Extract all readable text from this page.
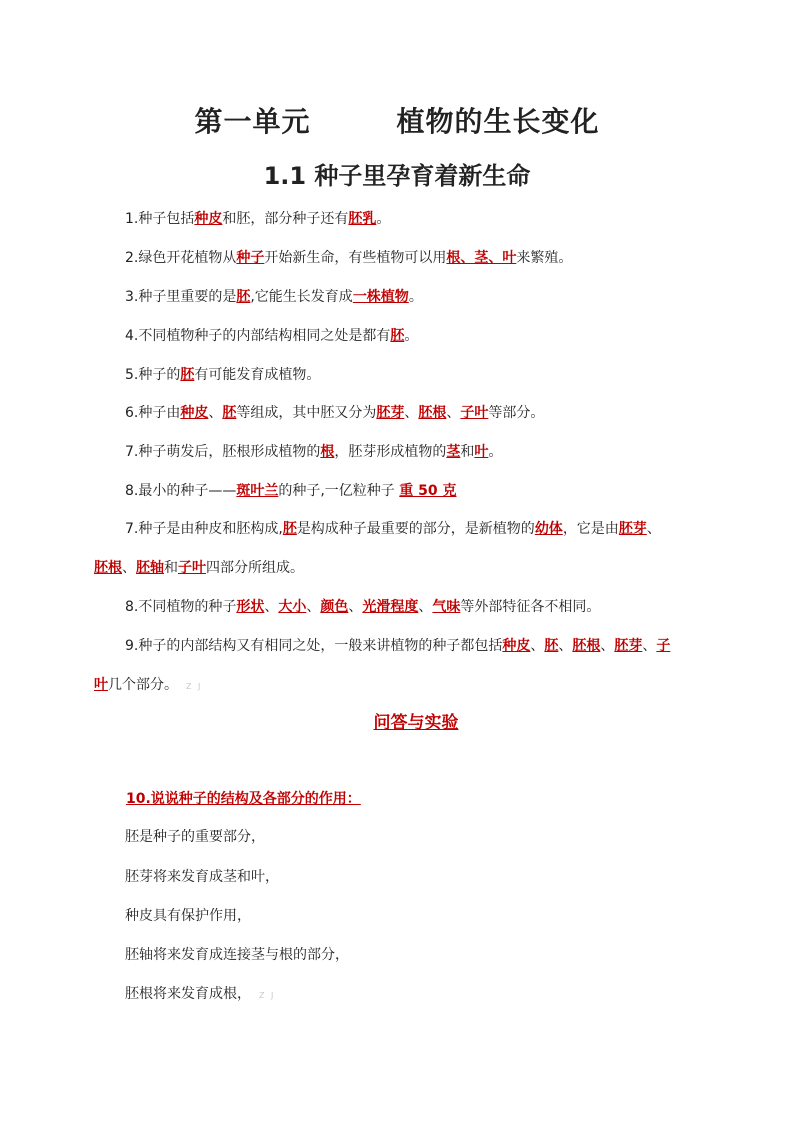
第一单元        植物的生长变化
1.1 种子里孕育着新生命
1.种子包括种皮和胚，部分种子还有胚乳。
2.绿色开花植物从种子开始新生命，有些植物可以用根、茎、叶来繁殖。
3.种子里重要的是胚,它能生长发育成一株植物。
4.不同植物种子的内部结构相同之处是都有胚。
5.种子的胚有可能发育成植物。
6.种子由种皮、胚等组成，其中胚又分为胚芽、胚根、子叶等部分。
7.种子萌发后，胚根形成植物的根，胚芽形成植物的茎和叶。
8.最小的种子——斑叶兰的种子,一亿粒种子 重 50 克
7.种子是由种皮和胚构成,胚是构成种子最重要的部分，是新植物的幼体，它是由胚芽、
胚根、胚轴和子叶四部分所组成。
8.不同植物的种子形状、大小、颜色、光滑程度、气味等外部特征各不相同。
9.种子的内部结构又有相同之处，一般来讲植物的种子都包括种皮、胚、胚根、胚芽、子
叶几个部分。 Z J
问答与实验
10.说说种子的结构及各部分的作用：
胚是种子的重要部分，
胚芽将来发育成茎和叶，
种皮具有保护作用，
胚轴将来发育成连接茎与根的部分，
胚根将来发育成根， Z J
